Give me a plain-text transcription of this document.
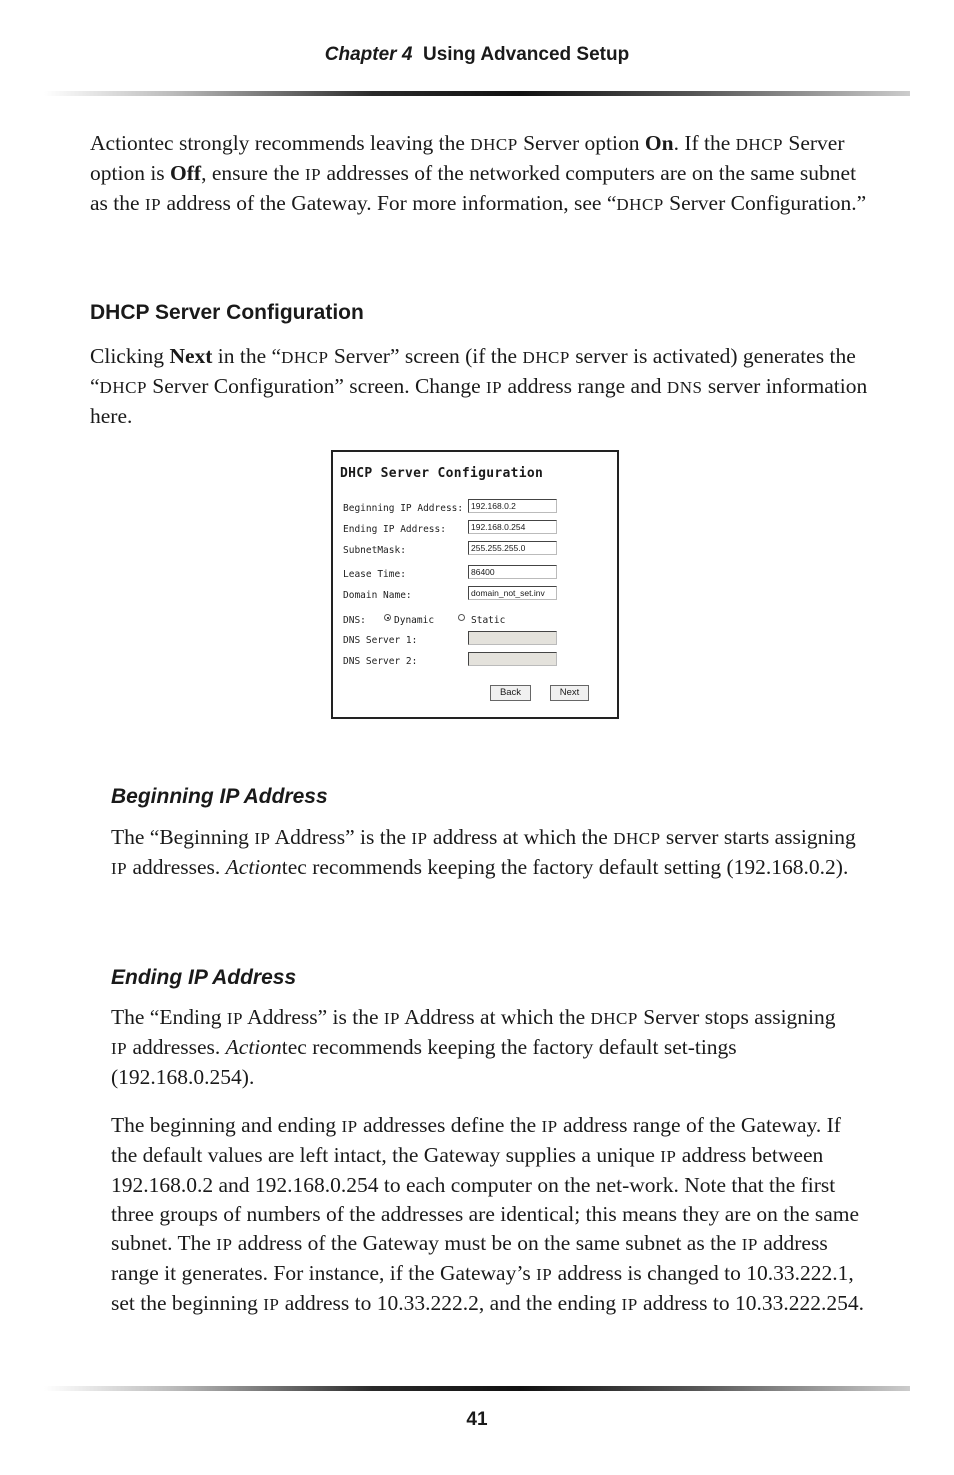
Chapter 4 Using Advanced Setup

Actiontec strongly recommends leaving the DHCP Server option On. If the DHCP Server option is Off, ensure the IP addresses of the networked computers are on the same subnet as the IP address of the Gateway. For more information, see “DHCP Server Configuration.”

DHCP Server Configuration

Clicking Next in the “DHCP Server” screen (if the DHCP server is activated) generates the “DHCP Server Configuration” screen. Change IP address range and DNS server information here.

DHCP Server Configuration
Beginning IP Address: 192.168.0.2
Ending IP Address:	192.168.0.254
SubnetMask:	255.255.255.0
Lease Time:	86400
Domain Name:	domain_not_set.inv
DNS:	Dynamic	Static
DNS Server 1:
DNS Server 2:
Back	Next
Beginning IP Address

The “Beginning IP Address” is the IP address at which the DHCP server starts assigning IP addresses. Actiontec recommends keeping the factory default setting (192.168.0.2).

Ending IP Address

The “Ending IP Address” is the IP Address at which the DHCP Server stops assigning IP addresses. Actiontec recommends keeping the factory default set-tings (192.168.0.254).

The beginning and ending IP addresses define the IP address range of the Gateway. If the default values are left intact, the Gateway supplies a unique IP address between 192.168.0.2 and 192.168.0.254 to each computer on the net-work. Note that the first three groups of numbers of the addresses are identical; this means they are on the same subnet. The IP address of the Gateway must be on the same subnet as the IP address range it generates. For instance, if the Gateway’s IP address is changed to 10.33.222.1, set the beginning IP address to 10.33.222.2, and the ending IP address to 10.33.222.254.

41
